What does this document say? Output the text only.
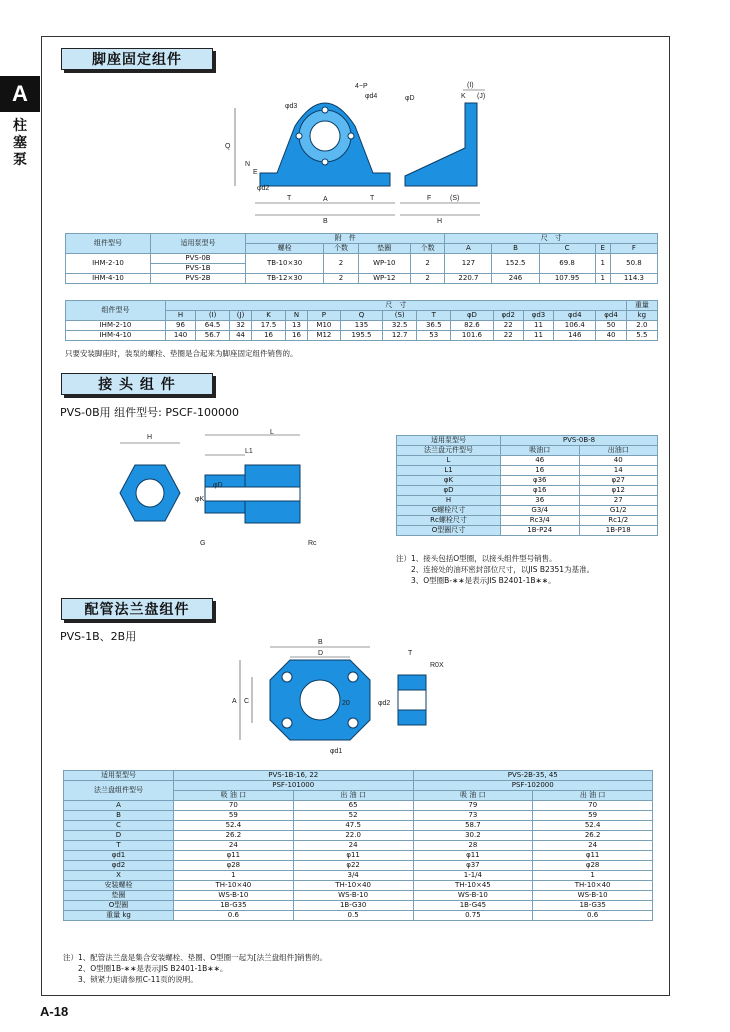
A
柱塞泵
A-18
脚座固定组件
4−P
φd4	φD
φd3
Q
N
E
φd2
T	A
B
T
(I)
K (J)
F	(S)
H
组件型号	适用泵型号	附　件				尺　寸				
		螺栓	个数	垫圈	个数	A	B	C	E	F
IHM-2-10	PVS-0B	TB-10×30	2	WP-10	2	127	152.5	69.8	1	50.8
	PVS-1B									
IHM-4-10	PVS-2B	TB-12×30	2	WP-12	2	220.7	246	107.95	1	114.3
组件型号	尺　寸														重量
	H	(I)	(J)	K	N	P	Q	(S)	T	φD	φd2	φd3	φd4	φd4	kg
IHM-2-10	96	64.5	32	17.5	13	M10	135	32.5	36.5	82.6	22	11	106.4	50	2.0
IHM-4-10	140	56.7	44	16	16	M12	195.5	12.7	53	101.6	22	11	146	40	5.5
只要安装脚座时，装泵的螺栓、垫圈是合起来为脚座固定组件销售的。
接 头 组 件
PVS-0B用 组件型号: PSCF-100000
H
L
L1
φK
φD
G	Rc
适用泵型号	PVS-0B-8	
法兰盘元件型号	吸油口	出油口
L	46	40
L1	16	14
φK	φ36	φ27
φD	φ16	φ12
H	36	27
G螺栓尺寸	G3/4	G1/2
Rc螺栓尺寸	Rc3/4	Rc1/2
O型圈尺寸	1B-P24	1B-P18
注）1、接头包括O型圈，以接头组件型号销售。
　　2、连接处的油环密封部位尺寸，以JIS B2351为基准。
　　3、O型圈B-∗∗是表示JIS B2401-1B∗∗。
配管法兰盘组件
PVS-1B、2B用	B
D
A C	20
T
R0X
φd2
φd1
适用泵型号	PVS-1B-16, 22		PVS-2B-35, 45	
法兰盘组件型号	PSF-101000		PSF-102000	
	吸 油 口	出 油 口	吸 油 口	出 油 口
A	70	65	79	70
B	59	52	73	59
C	52.4	47.5	58.7	52.4
D	26.2	22.0	30.2	26.2
T	24	24	28	24
φd1	φ11	φ11	φ11	φ11
φd2	φ28	φ22	φ37	φ28
X	1	3/4	1-1/4	1
安装螺栓	TH-10×40	TH-10×40	TH-10×45	TH-10×40
垫圈	WS-B-10	WS-B-10	WS-B-10	WS-B-10
O型圈	1B-G35	1B-G30	1B-G45	1B-G35
重量 kg	0.6	0.5	0.75	0.6
注）1、配管法兰盘是集合安装螺栓、垫圈、O型圈一起为[法兰盘组件]销售的。
　　2、O型圈1B-∗∗是表示JIS B2401-1B∗∗。
　　3、锁紧力矩请参照C-11页的说明。
